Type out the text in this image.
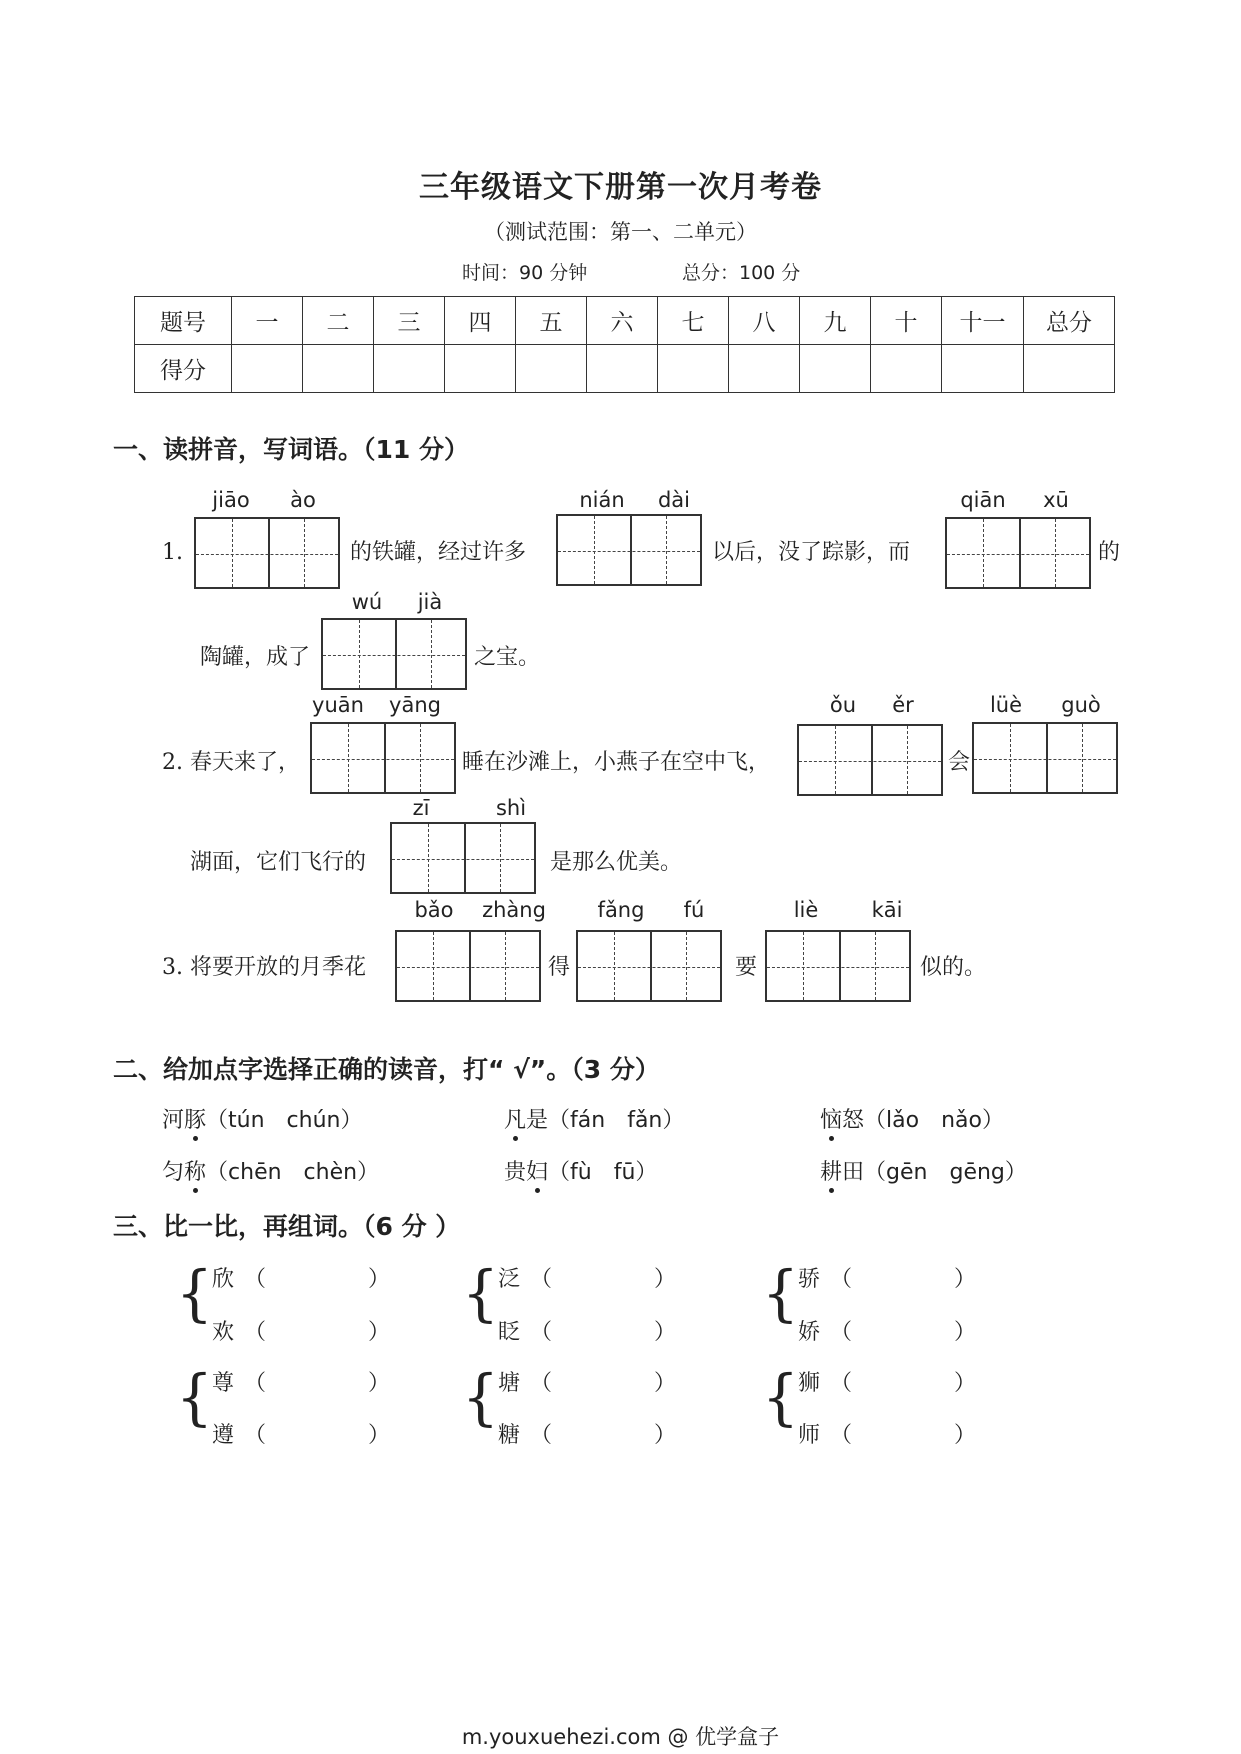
三年级语文下册第一次月考卷
（测试范围：第一、二单元）
时间：90 分钟	总分：100 分
题号	一	二	三	四	五	六	七	八	九	十	十一	总分
得分												
一、读拼音，写词语。（11 分）
1.
jiāo	ào
的铁罐，经过许多
nián	dài
以后，没了踪影，而
qiān	xū
的
陶罐，成了
wú	jià
之宝。
2. 春天来了，
yuān	yāng
睡在沙滩上，小燕子在空中飞，
ǒu	ěr
会
lüè	guò
湖面，它们飞行的
zī	shì
是那么优美。
3. 将要开放的月季花
bǎo	zhàng
得
fǎng	fú
要
liè	kāi
似的。
二、给加点字选择正确的读音，打“ √”。（3 分）
河豚（tún　chún）	凡是（fán　fǎn）	恼怒（lǎo　nǎo）
匀称（chēn　chèn）	贵妇（fù　fū）	耕田（gēn　gēng）
三、比一比，再组词。（6 分 ）
{ 欣 （	）
欢 （	）
{ 泛 （	）
眨 （	）
{ 骄 （	）
娇 （	）
{ 尊 （	）
遵 （	）
{ 塘 （	）
糖 （	）
{ 狮 （	）
师 （	）
m.youxuehezi.com @ 优学盒子
